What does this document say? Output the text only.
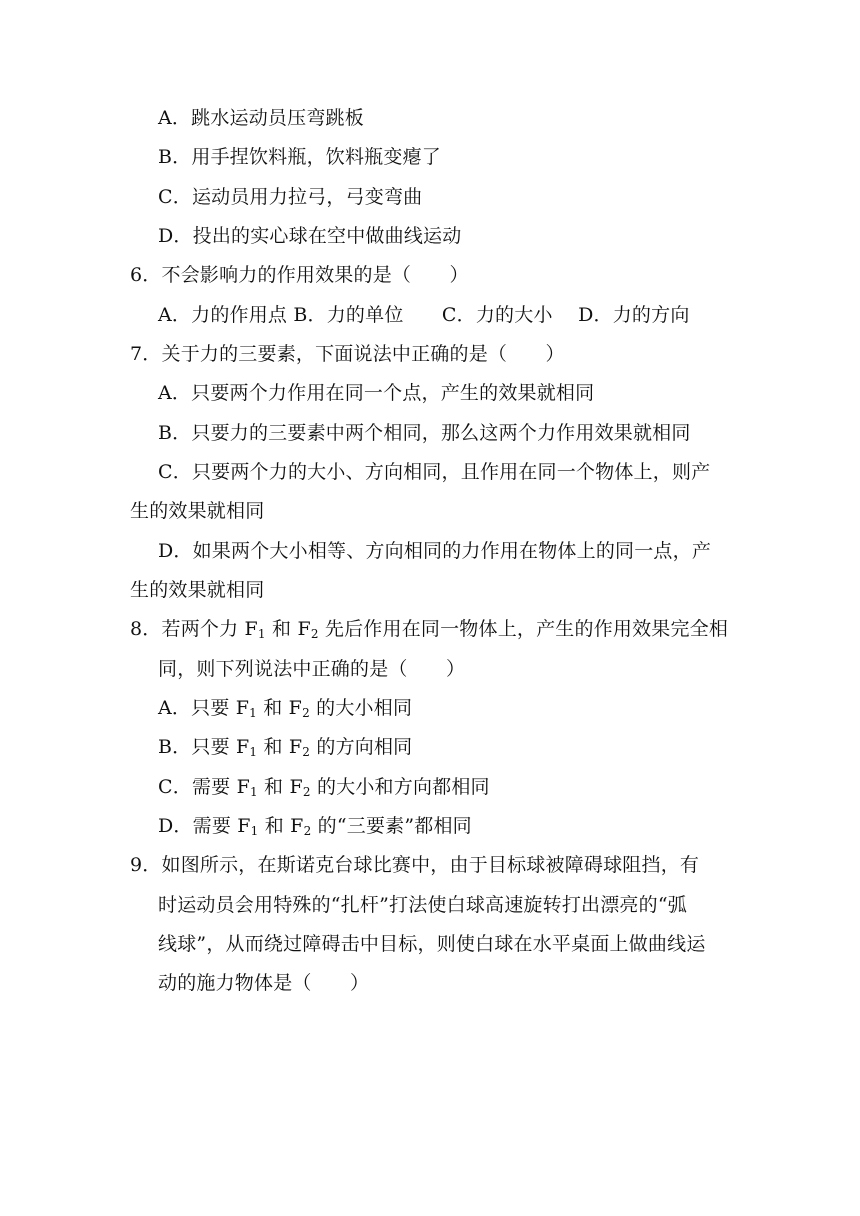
A．跳水运动员压弯跳板
B．用手捏饮料瓶，饮料瓶变瘪了
C．运动员用力拉弓，弓变弯曲
D．投出的实心球在空中做曲线运动
6．不会影响力的作用效果的是（　　）
A．力的作用点 B．力的单位　　C．力的大小　 D．力的方向
7．关于力的三要素，下面说法中正确的是（　　）
A．只要两个力作用在同一个点，产生的效果就相同
B．只要力的三要素中两个相同，那么这两个力作用效果就相同
C．只要两个力的大小、方向相同，且作用在同一个物体上，则产
生的效果就相同
D．如果两个大小相等、方向相同的力作用在物体上的同一点，产
生的效果就相同
8．若两个力 $F_1$ 和 $F_2$ 先后作用在同一物体上，产生的作用效果完全相
同，则下列说法中正确的是（　　）
A．只要 $F_1$ 和 $F_2$ 的大小相同
B．只要 $F_1$ 和 $F_2$ 的方向相同
C．需要 $F_1$ 和 $F_2$ 的大小和方向都相同
D．需要 $F_1$ 和 $F_2$ 的“三要素”都相同
9．如图所示，在斯诺克台球比赛中，由于目标球被障碍球阻挡，有
时运动员会用特殊的“扎杆”打法使白球高速旋转打出漂亮的“弧
线球”，从而绕过障碍击中目标，则使白球在水平桌面上做曲线运
动的施力物体是（　　）
